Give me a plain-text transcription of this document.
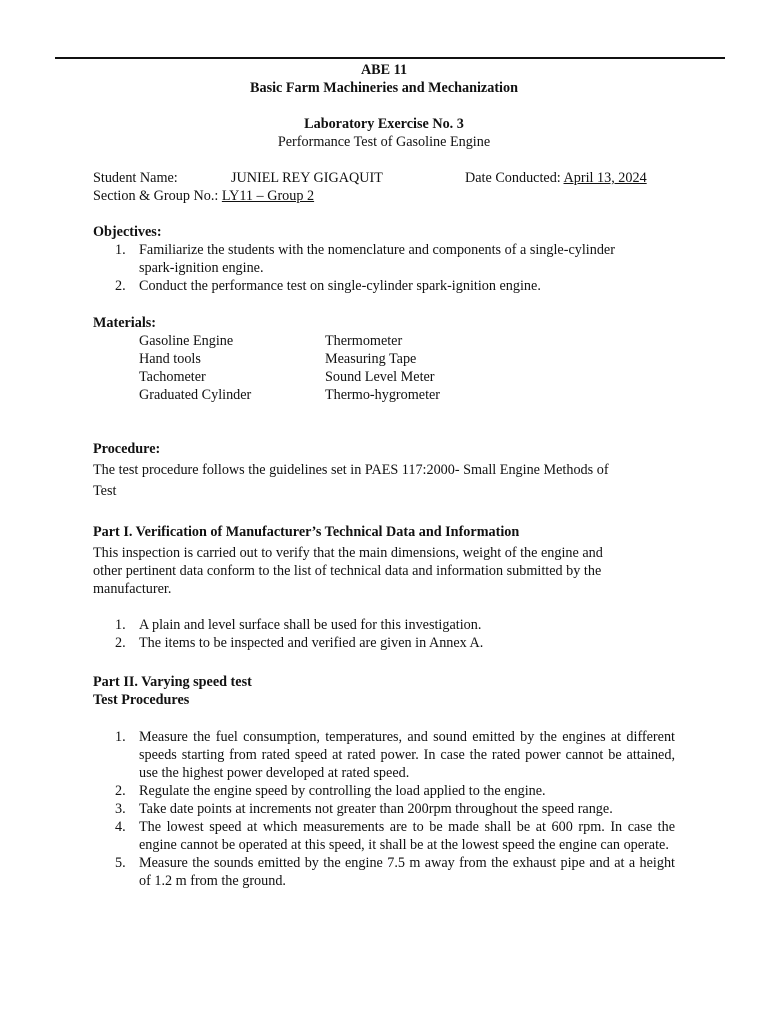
ABE 11
Basic Farm Machineries and Mechanization
Laboratory Exercise No. 3
Performance Test of Gasoline Engine
Student Name:	JUNIEL REY GIGAQUIT	Date Conducted: April 13, 2024
Section & Group No.: LY11 – Group 2
Objectives:
1. Familiarize the students with the nomenclature and components of a single-cylinder
spark-ignition engine.
2. Conduct the performance test on single-cylinder spark-ignition engine.
Materials:
Gasoline Engine	Thermometer
Hand tools	Measuring Tape
Tachometer	Sound Level Meter
Graduated Cylinder	Thermo-hygrometer
Procedure:
The test procedure follows the guidelines set in PAES 117:2000- Small Engine Methods of
Test
Part I. Verification of Manufacturer’s Technical Data and Information
This inspection is carried out to verify that the main dimensions, weight of the engine and
other pertinent data conform to the list of technical data and information submitted by the
manufacturer.
1. A plain and level surface shall be used for this investigation.
2. The items to be inspected and verified are given in Annex A.
Part II. Varying speed test
Test Procedures
1. Measure the fuel consumption, temperatures, and sound emitted by the engines at different speeds starting from rated speed at rated power. In case the rated power cannot be attained, use the highest power developed at rated speed.
2. Regulate the engine speed by controlling the load applied to the engine.
3. Take date points at increments not greater than 200rpm throughout the speed range.
4. The lowest speed at which measurements are to be made shall be at 600 rpm. In case the engine cannot be operated at this speed, it shall be at the lowest speed the engine can operate.
5. Measure the sounds emitted by the engine 7.5 m away from the exhaust pipe and at a height of 1.2 m from the ground.
